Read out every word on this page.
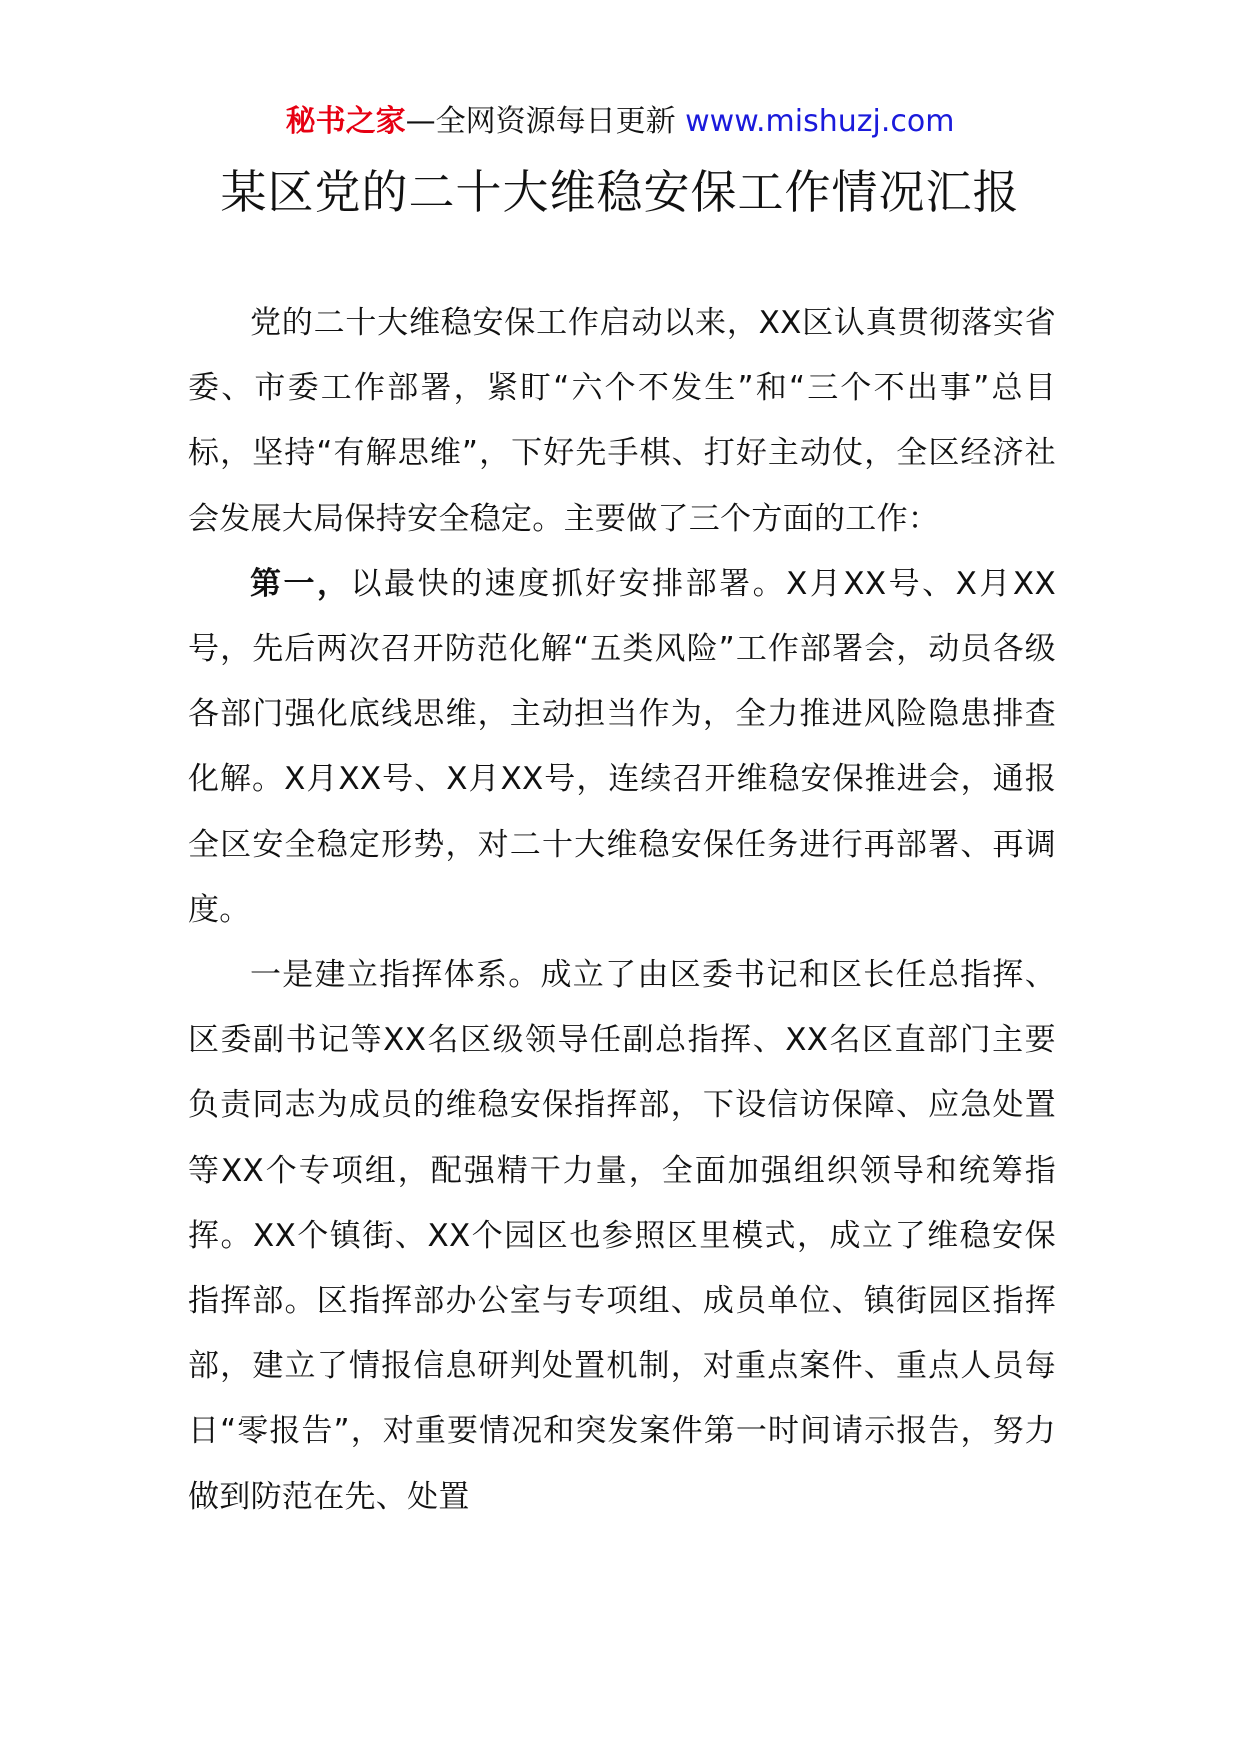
秘书之家—全网资源每日更新 www.mishuzj.com
某区党的二十大维稳安保工作情况汇报

党的二十大维稳安保工作启动以来，XX区认真贯彻落实省委、市委工作部署，紧盯“六个不发生”和“三个不出事”总目标，坚持“有解思维”，下好先手棋、打好主动仗，全区经济社会发展大局保持安全稳定。主要做了三个方面的工作：

第一，以最快的速度抓好安排部署。X月XX号、X月XX号，先后两次召开防范化解“五类风险”工作部署会，动员各级各部门强化底线思维，主动担当作为，全力推进风险隐患排查化解。X月XX号、X月XX号，连续召开维稳安保推进会，通报全区安全稳定形势，对二十大维稳安保任务进行再部署、再调度。

一是建立指挥体系。成立了由区委书记和区长任总指挥、区委副书记等XX名区级领导任副总指挥、XX名区直部门主要负责同志为成员的维稳安保指挥部，下设信访保障、应急处置等XX个专项组，配强精干力量，全面加强组织领导和统筹指挥。XX个镇街、XX个园区也参照区里模式，成立了维稳安保指挥部。区指挥部办公室与专项组、成员单位、镇街园区指挥部，建立了情报信息研判处置机制，对重点案件、重点人员每日“零报告”，对重要情况和突发案件第一时间请示报告，努力做到防范在先、处置
